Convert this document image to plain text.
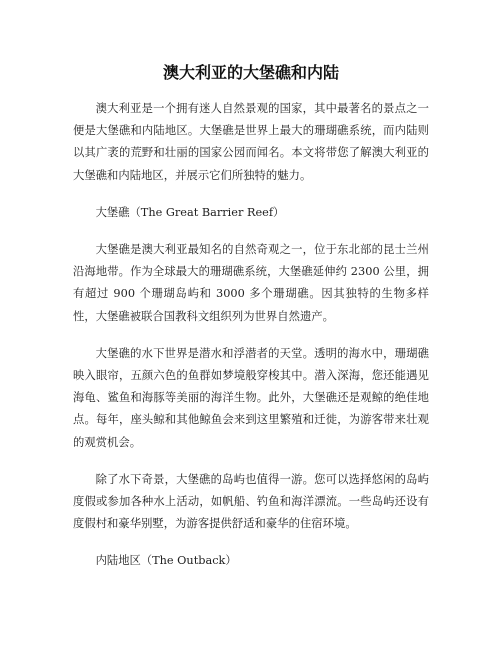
澳大利亚的大堡礁和内陆

澳大利亚是一个拥有迷人自然景观的国家，其中最著名的景点之一便是大堡礁和内陆地区。大堡礁是世界上最大的珊瑚礁系统，而内陆则以其广袤的荒野和壮丽的国家公园而闻名。本文将带您了解澳大利亚的大堡礁和内陆地区，并展示它们所独特的魅力。

大堡礁（The Great Barrier Reef）

大堡礁是澳大利亚最知名的自然奇观之一，位于东北部的昆士兰州沿海地带。作为全球最大的珊瑚礁系统，大堡礁延伸约 2300 公里，拥有超过 900 个珊瑚岛屿和 3000 多个珊瑚礁。因其独特的生物多样性，大堡礁被联合国教科文组织列为世界自然遗产。

大堡礁的水下世界是潜水和浮潜者的天堂。透明的海水中，珊瑚礁映入眼帘，五颜六色的鱼群如梦境般穿梭其中。潜入深海，您还能遇见海龟、鲨鱼和海豚等美丽的海洋生物。此外，大堡礁还是观鲸的绝佳地点。每年，座头鲸和其他鲸鱼会来到这里繁殖和迁徙，为游客带来壮观的观赏机会。

除了水下奇景，大堡礁的岛屿也值得一游。您可以选择悠闲的岛屿度假或参加各种水上活动，如帆船、钓鱼和海洋漂流。一些岛屿还设有度假村和豪华别墅，为游客提供舒适和豪华的住宿环境。

内陆地区（The Outback）
